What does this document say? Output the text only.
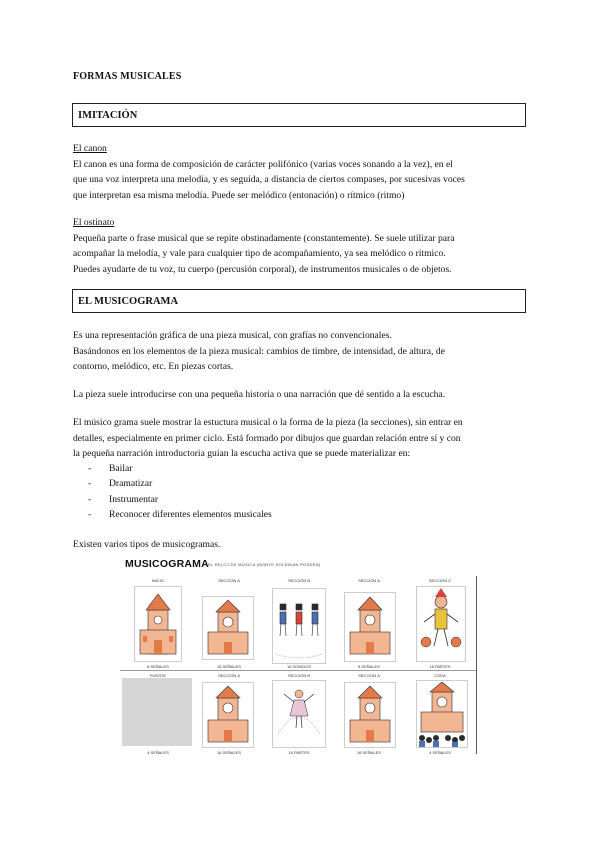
FORMAS MUSICALES
IMITACIÓN
El canon
El canon es una forma de composición de carácter polifónico (varias voces sonando a la vez), en el
que una voz interpreta una melodía, y es seguida, a distancia de ciertos compases, por sucesivas voces
que interpretan esa misma melodía. Puede ser melódico (entonación) o rítmico (ritmo)
El ostinato
Pequeña parte o frase musical que se repite obstinadamente (constantemente). Se suele utilizar para
acompañar la melodía, y vale para cualquier tipo de acompañamiento, ya sea melódico o rítmico.
Puedes ayudarte de tu voz, tu cuerpo (percusión corporal), de instrumentos musicales o de objetos.
EL MUSICOGRAMA
Es una representación gráfica de una pieza musical, con grafías no convencionales.
Basándonos en los elementos de la pieza musical: cambios de timbre, de intensidad, de altura, de
contorno, melódico, etc. En piezas cortas.
La pieza suele introducirse con una pequeña historia o una narración que dé sentido a la escucha.
El músico grama suele mostrar la estuctura musical o la forma de la pieza (la secciones), sin entrar en
detalles, especialmente en primer ciclo. Está formado por dibujos que guardan relación entre sí y con
la pequeña narración introductoria guían la escucha activa que se puede materializar en:
- Bailar
- Dramatizar
- Instrumentar
- Reconocer diferentes elementos musicales
Existen varios tipos de musicogramas.
MUSICOGRAMA EL RELOJ DE MÚSICA (MONTE SOLEM/AN POSDEN)
INICIO	SECCIÓN A	SECCIÓN B	SECCIÓN A	SECCIÓN C
8 SEÑALES	16 SEÑALES	16 SONIDOS	8 SEÑALES	16 PARTES
PUENTE	SECCIÓN A	SECCIÓN B	SECCIÓN A	CODA
4 SEÑALES	16 SEÑALES	16 PARTES	16 SEÑALES	4 SEÑALES
